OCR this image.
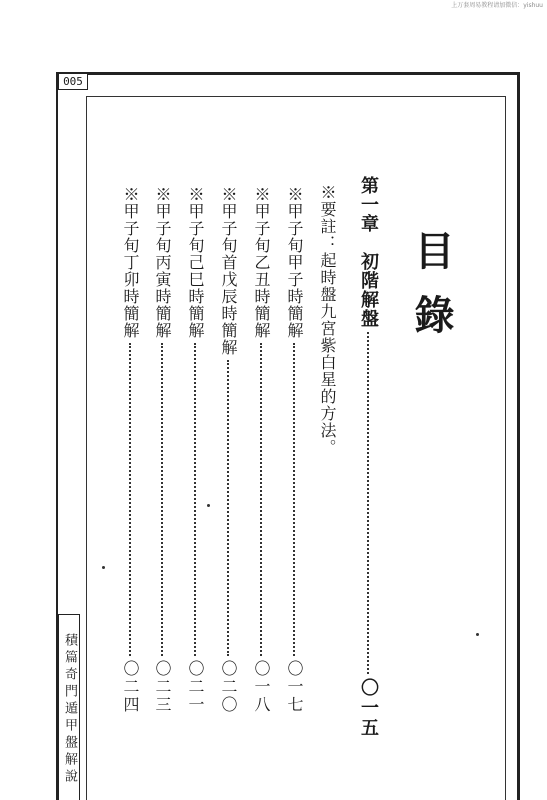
上万套周易教程请加微信：yishuu
005
目錄
第一章　初階解盤
〇一五
※要註：起時盤九宮紫白星的方法。
※甲子旬甲子時簡解
〇一七
※甲子旬乙丑時簡解
〇一八
※甲子旬首戊辰時簡解
〇二〇
※甲子旬己巳時簡解
〇二一
※甲子旬丙寅時簡解
〇二三
※甲子旬丁卯時簡解
〇二四
積篇奇門遁甲盤解說
